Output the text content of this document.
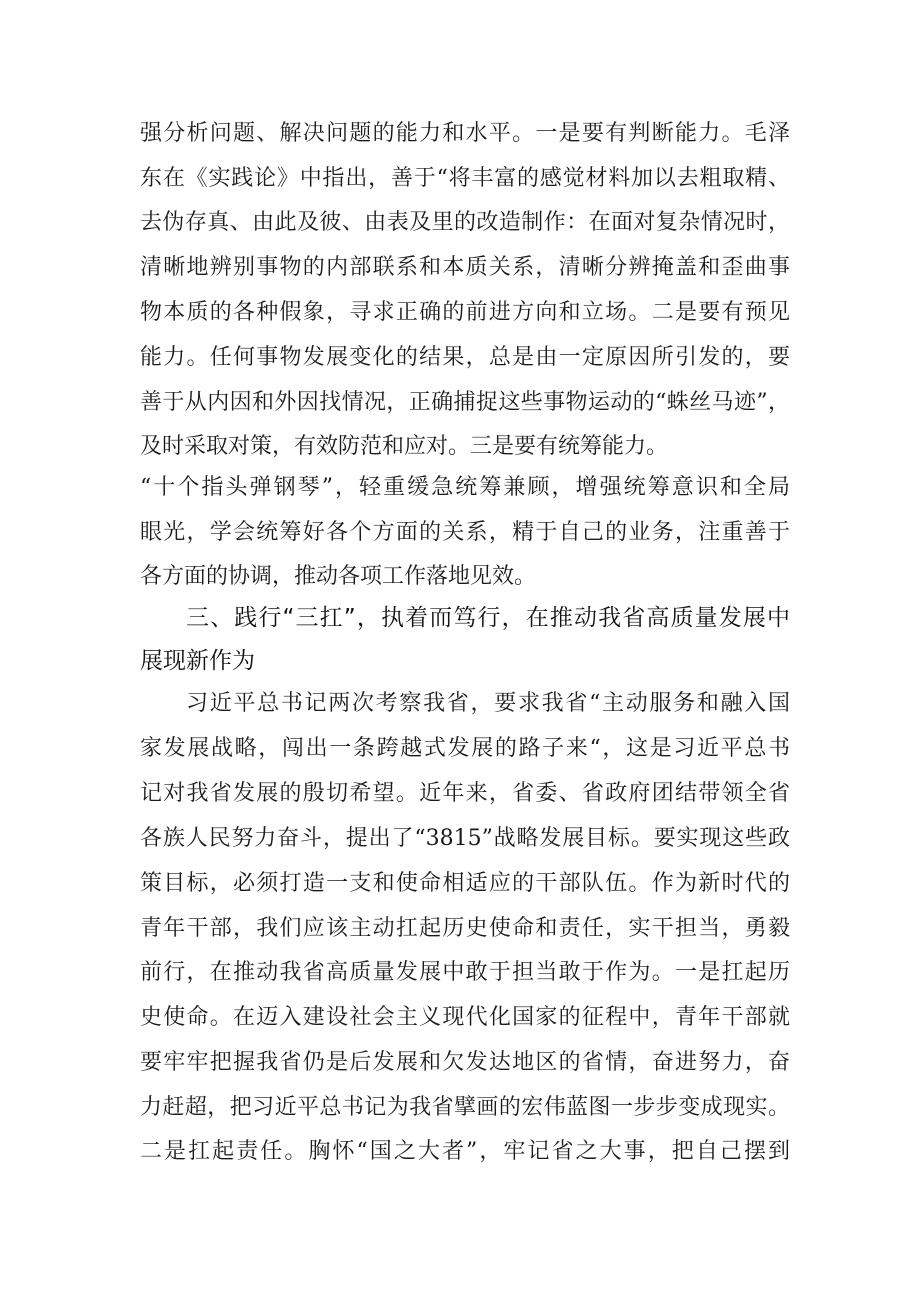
强分析问题、解决问题的能力和水平。一是要有判断能力。毛泽
东在《实践论》中指出，善于“将丰富的感觉材料加以去粗取精、
去伪存真、由此及彼、由表及里的改造制作：在面对复杂情况时，
清晰地辨别事物的内部联系和本质关系，清晰分辨掩盖和歪曲事
物本质的各种假象，寻求正确的前进方向和立场。二是要有预见
能力。任何事物发展变化的结果，总是由一定原因所引发的，要
善于从内因和外因找情况，正确捕捉这些事物运动的“蛛丝马迹”，
及时采取对策，有效防范和应对。三是要有统筹能力。
“十个指头弹钢琴”，轻重缓急统筹兼顾，增强统筹意识和全局
眼光，学会统筹好各个方面的关系，精于自己的业务，注重善于
各方面的协调，推动各项工作落地见效。
三、践行“三扛”，执着而笃行，在推动我省高质量发展中
展现新作为
习近平总书记两次考察我省，要求我省“主动服务和融入国
家发展战略，闯出一条跨越式发展的路子来“，这是习近平总书
记对我省发展的殷切希望。近年来，省委、省政府团结带领全省
各族人民努力奋斗，提出了“3815”战略发展目标。要实现这些政
策目标，必须打造一支和使命相适应的干部队伍。作为新时代的
青年干部，我们应该主动扛起历史使命和责任，实干担当，勇毅
前行，在推动我省高质量发展中敢于担当敢于作为。一是扛起历
史使命。在迈入建设社会主义现代化国家的征程中，青年干部就
要牢牢把握我省仍是后发展和欠发达地区的省情，奋进努力，奋
力赶超，把习近平总书记为我省擘画的宏伟蓝图一步步变成现实。
二是扛起责任。胸怀“国之大者”，牢记省之大事，把自己摆到
